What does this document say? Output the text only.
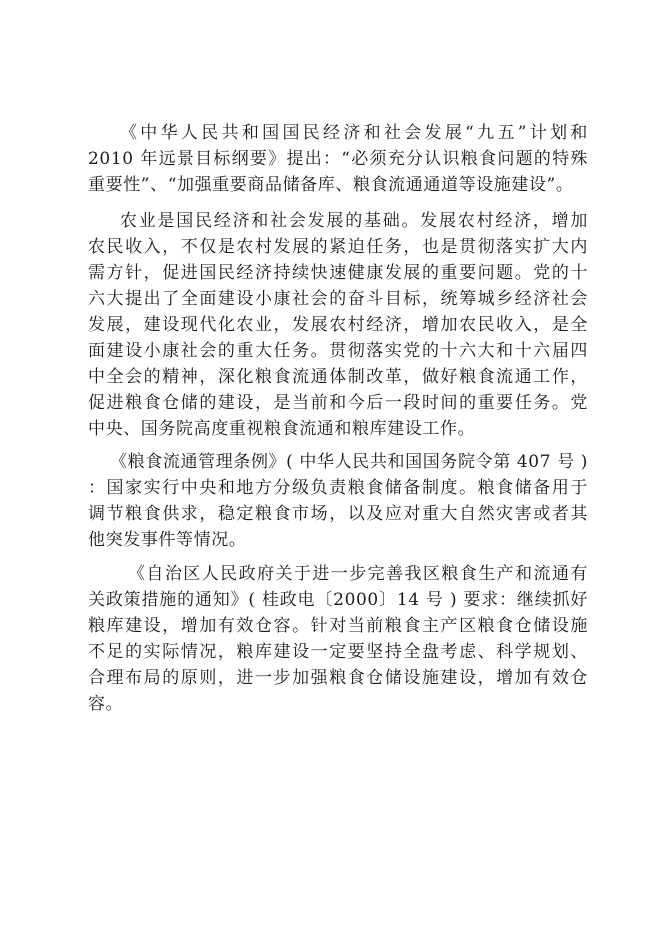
《中华人民共和国国民经济和社会发展“九五”计划和
2010 年远景目标纲要》提出：“必须充分认识粮食问题的特殊
重要性”、“加强重要商品储备库、粮食流通通道等设施建设”。
农业是国民经济和社会发展的基础。发展农村经济，增加
农民收入，不仅是农村发展的紧迫任务，也是贯彻落实扩大内
需方针，促进国民经济持续快速健康发展的重要问题。党的十
六大提出了全面建设小康社会的奋斗目标，统筹城乡经济社会
发展，建设现代化农业，发展农村经济，增加农民收入，是全
面建设小康社会的重大任务。贯彻落实党的十六大和十六届四
中全会的精神，深化粮食流通体制改革，做好粮食流通工作，
促进粮食仓储的建设，是当前和今后一段时间的重要任务。党
中央、国务院高度重视粮食流通和粮库建设工作。
《粮食流通管理条例》( 中华人民共和国国务院令第 407 号 )
：国家实行中央和地方分级负责粮食储备制度。粮食储备用于
调节粮食供求，稳定粮食市场，以及应对重大自然灾害或者其
他突发事件等情况。
《自治区人民政府关于进一步完善我区粮食生产和流通有
关政策措施的通知》( 桂政电〔2000〕14 号 ) 要求：继续抓好
粮库建设，增加有效仓容。针对当前粮食主产区粮食仓储设施
不足的实际情况，粮库建设一定要坚持全盘考虑、科学规划、
合理布局的原则，进一步加强粮食仓储设施建设，增加有效仓
容。
